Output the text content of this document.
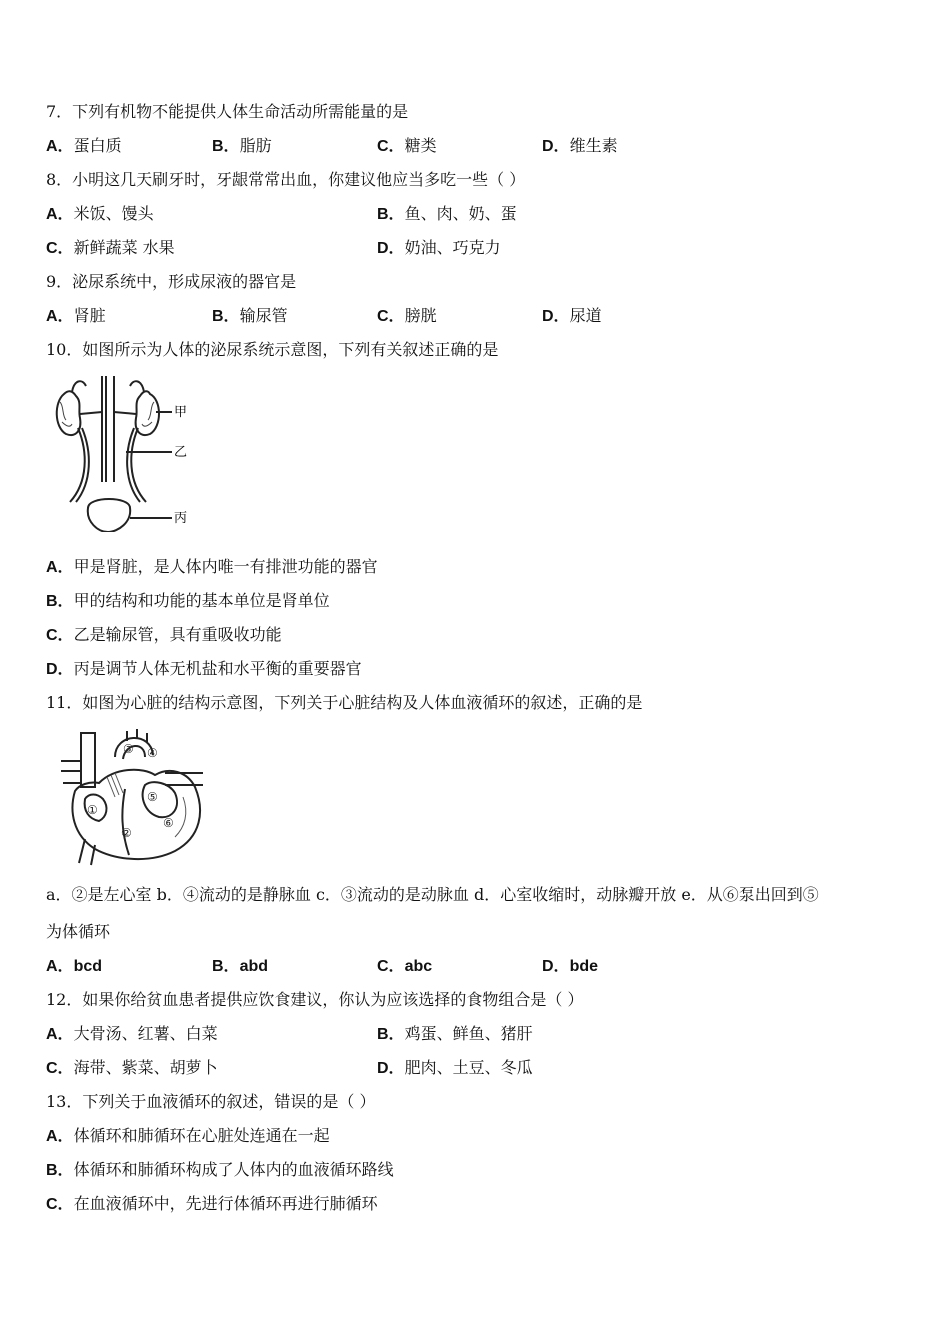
7．下列有机物不能提供人体生命活动所需能量的是
A．蛋白质	B．脂肪	C．糖类	D．维生素
8．小明这几天刷牙时，牙龈常常出血，你建议他应当多吃一些（ ）
A．米饭、馒头	B．鱼、肉、奶、蛋
C．新鲜蔬菜 水果	D．奶油、巧克力
9．泌尿系统中，形成尿液的器官是
A．肾脏	B．输尿管	C．膀胱	D．尿道
10．如图所示为人体的泌尿系统示意图，下列有关叙述正确的是
甲
乙
丙
A．甲是肾脏，是人体内唯一有排泄功能的器官
B．甲的结构和功能的基本单位是肾单位
C．乙是输尿管，具有重吸收功能
D．丙是调节人体无机盐和水平衡的重要器官
11．如图为心脏的结构示意图，下列关于心脏结构及人体血液循环的叙述，正确的是
①
②
③ ④
⑤
⑥
a．②是左心室 b．④流动的是静脉血 c．③流动的是动脉血 d．心室收缩时，动脉瓣开放 e．从⑥泵出回到⑤
为体循环
A．bcd	B．abd	C．abc	D．bde
12．如果你给贫血患者提供应饮食建议，你认为应该选择的食物组合是（ ）
A．大骨汤、红薯、白菜	B．鸡蛋、鲜鱼、猪肝
C．海带、紫菜、胡萝卜	D．肥肉、土豆、冬瓜
13．下列关于血液循环的叙述，错误的是（ ）
A．体循环和肺循环在心脏处连通在一起
B．体循环和肺循环构成了人体内的血液循环路线
C．在血液循环中，先进行体循环再进行肺循环
